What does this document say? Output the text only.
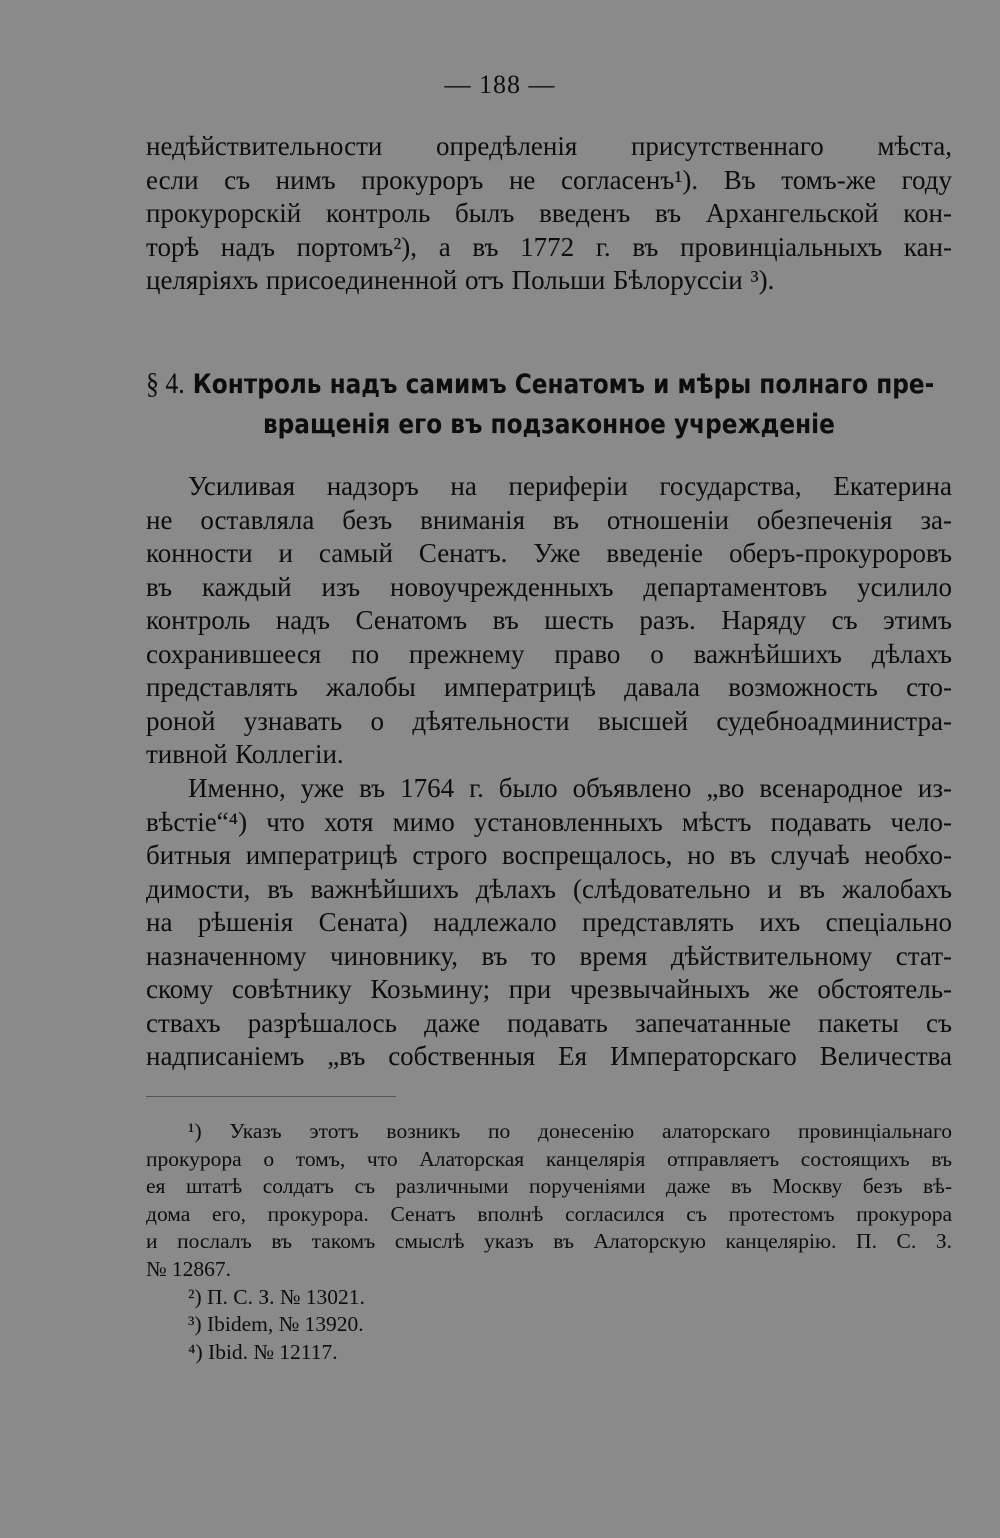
— 188 —

недѣйствительности опредѣленія присутственнаго мѣста,
если съ нимъ прокуроръ не согласенъ¹). Въ томъ-же году
прокурорскій контроль былъ введенъ въ Архангельской кон-
торѣ надъ портомъ²), а въ 1772 г. въ провинціальныхъ кан-
целяріяхъ присоединенной отъ Польши Бѣлоруссіи ³).

§ 4. Контроль надъ самимъ Сенатомъ и мѣры полнаго пре-
вращенія его въ подзаконное учрежденіе

Усиливая надзоръ на периферіи государства, Екатерина
не оставляла безъ вниманія въ отношеніи обезпеченія за-
конности и самый Сенатъ. Уже введеніе оберъ-прокуроровъ
въ каждый изъ новоучрежденныхъ департаментовъ усилило
контроль надъ Сенатомъ въ шесть разъ. Наряду съ этимъ
сохранившееся по прежнему право о важнѣйшихъ дѣлахъ
представлять жалобы императрицѣ давала возможность сто-
роной узнавать о дѣятельности высшей судебноадминистра-
тивной Коллегіи.

Именно, уже въ 1764 г. было объявлено „во всенародное из-
вѣстіе“⁴) что хотя мимо установленныхъ мѣстъ подавать чело-
битныя императрицѣ строго воспрещалось, но въ случаѣ необхо-
димости, въ важнѣйшихъ дѣлахъ (слѣдовательно и въ жалобахъ
на рѣшенія Сената) надлежало представлять ихъ спеціально
назначенному чиновнику, въ то время дѣйствительному стат-
скому совѣтнику Козьмину; при чрезвычайныхъ же обстоятель-
ствахъ разрѣшалось даже подавать запечатанные пакеты съ
надписаніемъ „въ собственныя Ея Императорскаго Величества

¹) Указъ этотъ возникъ по донесенію алаторскаго провинціальнаго
прокурора о томъ, что Алаторская канцелярія отправляетъ состоящихъ въ
ея штатѣ солдатъ съ различными порученіями даже въ Москву безъ вѣ-
дома его, прокурора. Сенатъ вполнѣ согласился съ протестомъ прокурора
и послалъ въ такомъ смыслѣ указъ въ Алаторскую канцелярію. П. С. З.
№ 12867.
²) П. С. З. № 13021.
³) Ibidem, № 13920.
⁴) Ibid. № 12117.
